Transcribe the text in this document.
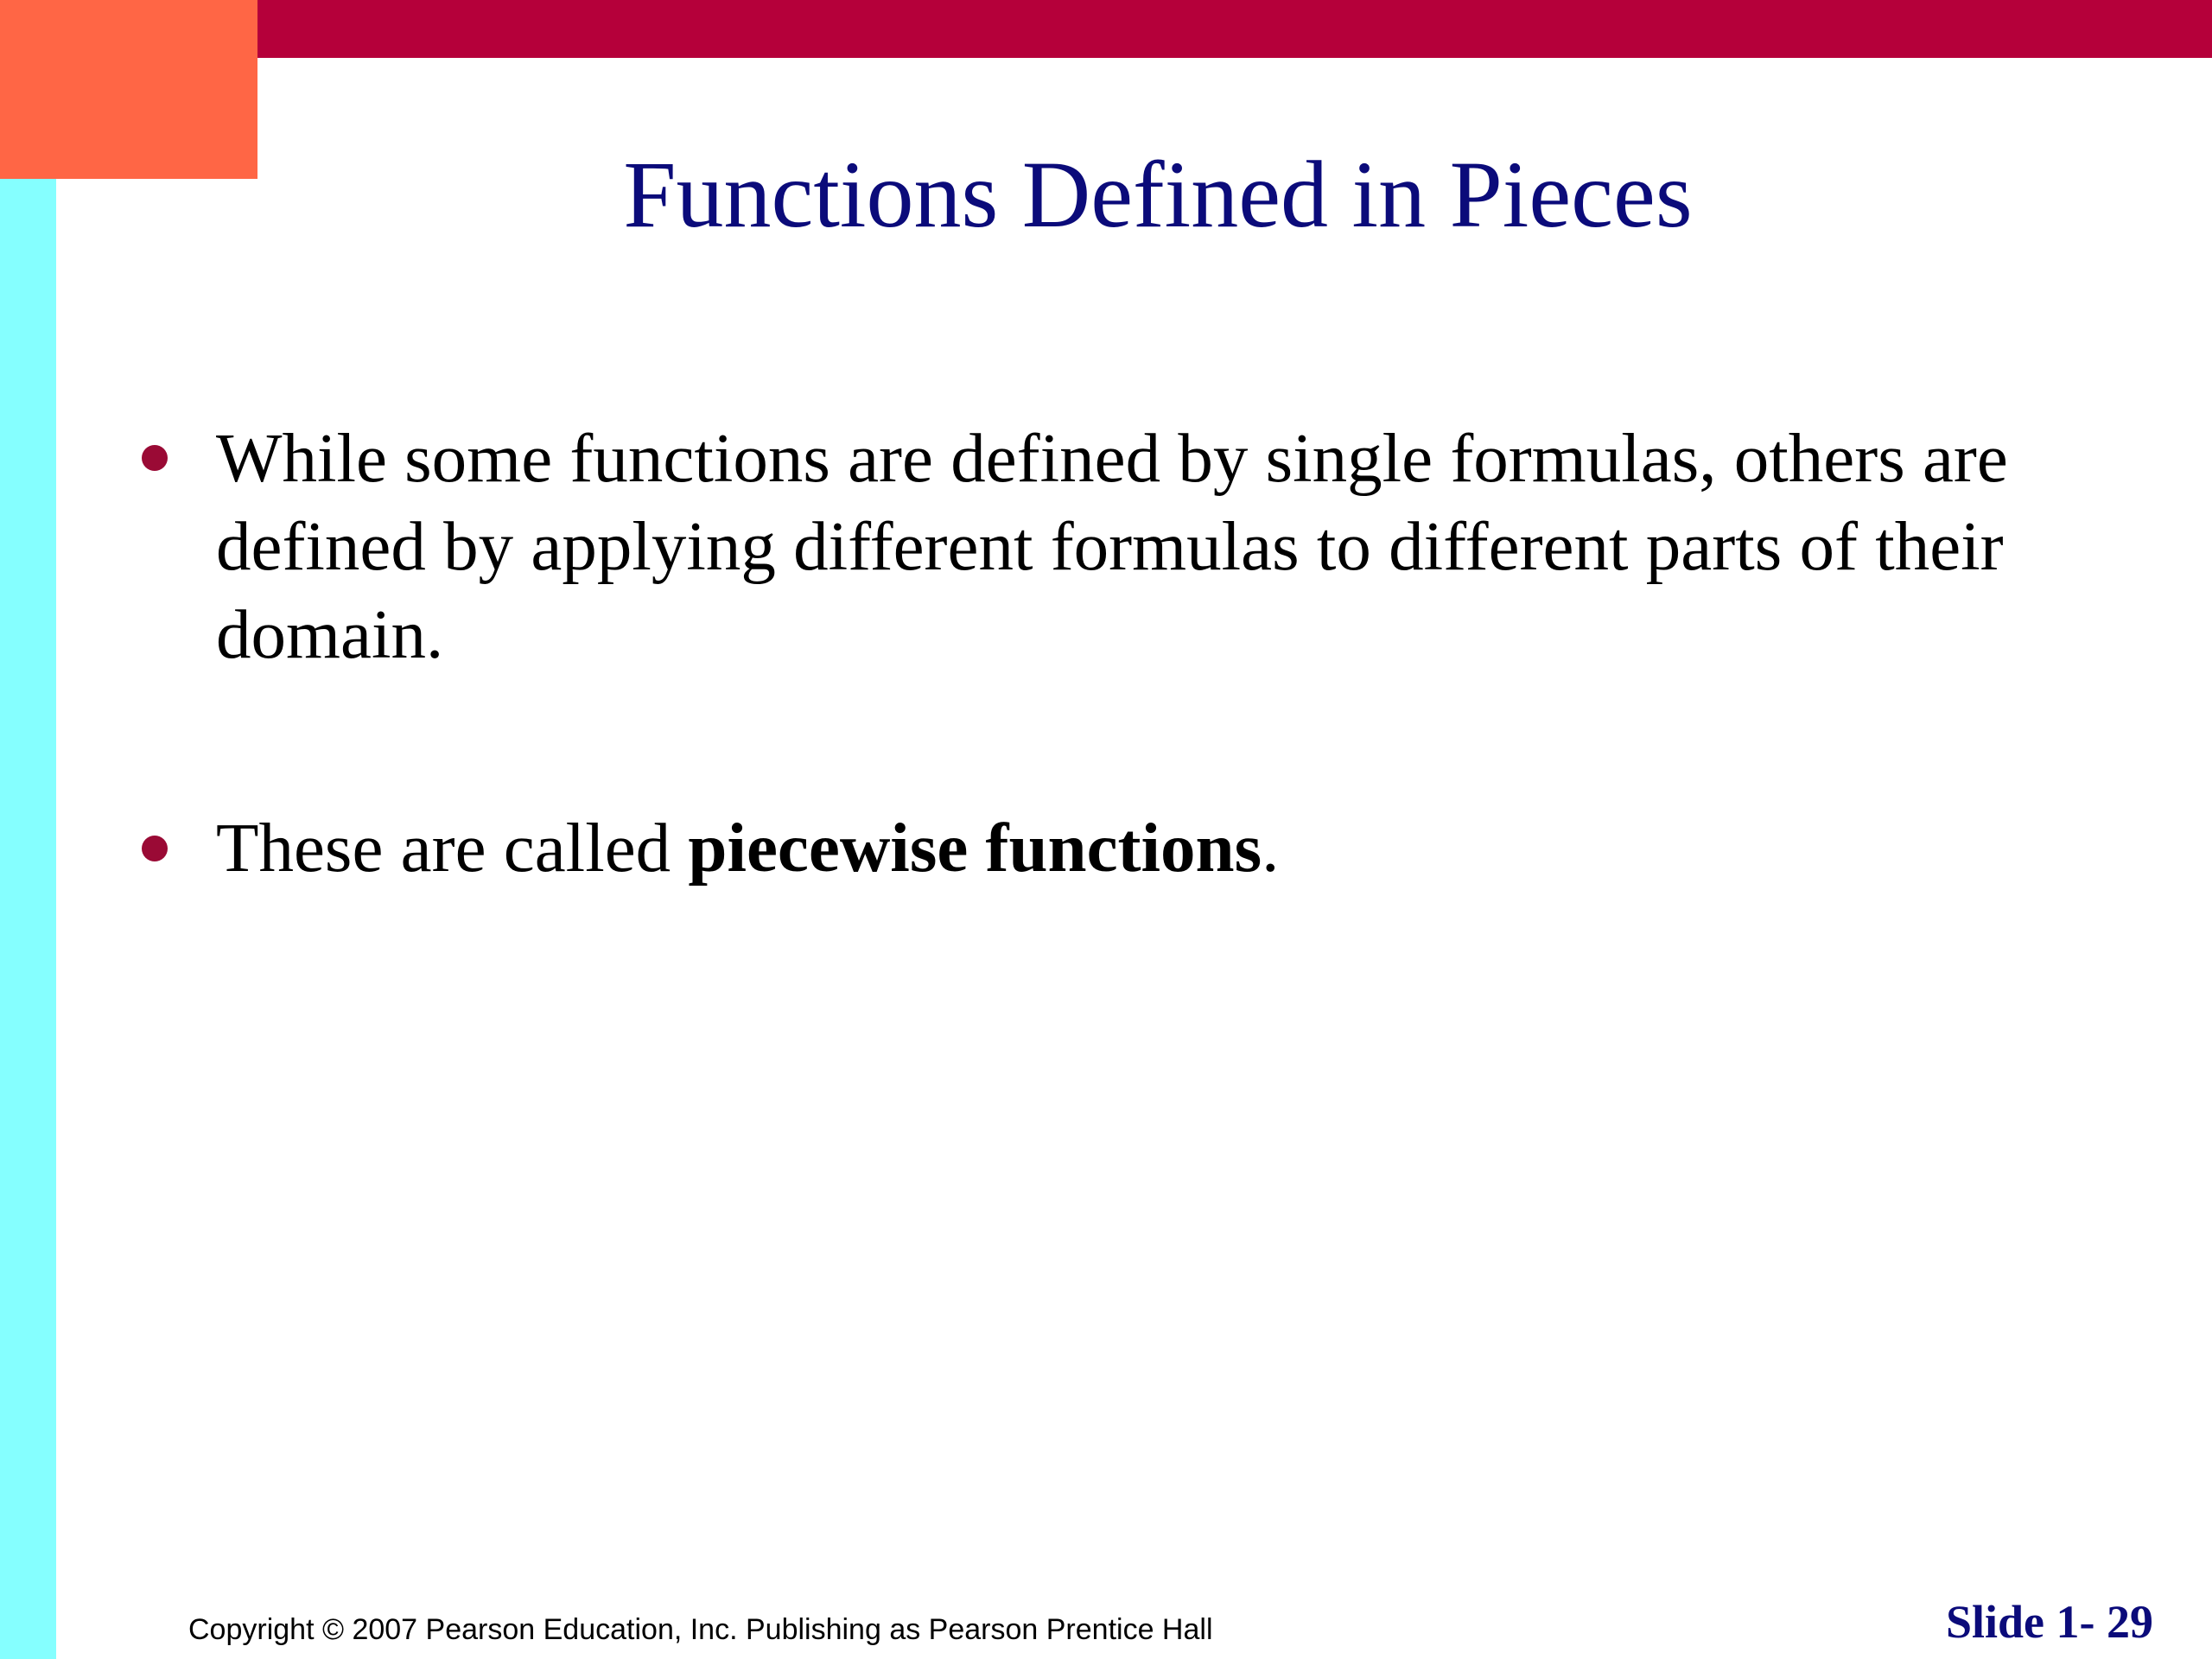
Functions Defined in Pieces
While some functions are defined by single formulas, others are defined by applying different formulas to different parts of their domain.
These are called piecewise functions.
Copyright © 2007 Pearson Education, Inc. Publishing as Pearson Prentice Hall	Slide 1- 29
